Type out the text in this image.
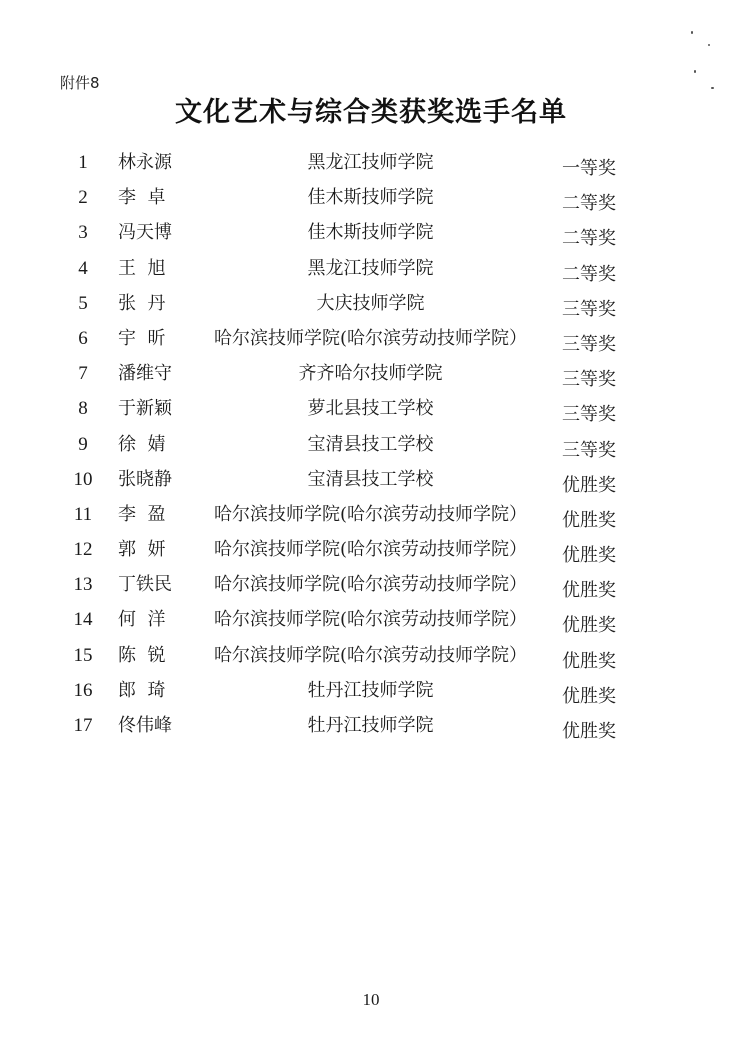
附件8
文化艺术与综合类获奖选手名单
1	林永源	黑龙江技师学院	一等奖
2	李  卓	佳木斯技师学院	二等奖
3	冯天博	佳木斯技师学院	二等奖
4	王  旭	黑龙江技师学院	二等奖
5	张  丹	大庆技师学院	三等奖
6	宇  昕	哈尔滨技师学院(哈尔滨劳动技师学院）	三等奖
7	潘维守	齐齐哈尔技师学院	三等奖
8	于新颖	萝北县技工学校	三等奖
9	徐  婧	宝清县技工学校	三等奖
10	张晓静	宝清县技工学校	优胜奖
11	李  盈	哈尔滨技师学院(哈尔滨劳动技师学院）	优胜奖
12	郭  妍	哈尔滨技师学院(哈尔滨劳动技师学院）	优胜奖
13	丁铁民	哈尔滨技师学院(哈尔滨劳动技师学院）	优胜奖
14	何  洋	哈尔滨技师学院(哈尔滨劳动技师学院）	优胜奖
15	陈  锐	哈尔滨技师学院(哈尔滨劳动技师学院）	优胜奖
16	郎  琦	牡丹江技师学院	优胜奖
17	佟伟峰	牡丹江技师学院	优胜奖
10
